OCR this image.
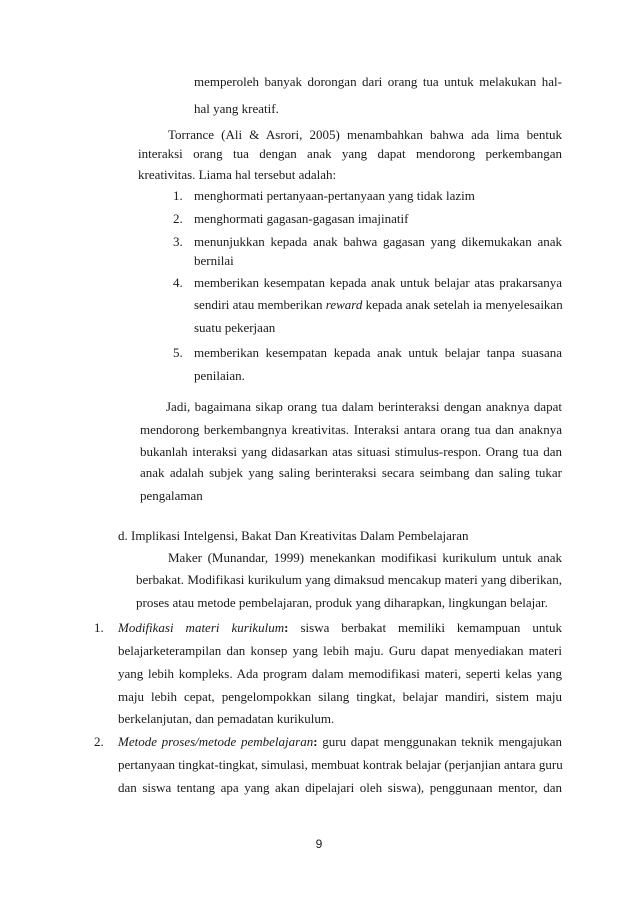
memperoleh banyak dorongan dari orang tua untuk melakukan hal-
hal yang kreatif.
Torrance (Ali & Asrori, 2005) menambahkan bahwa ada lima bentuk
interaksi orang tua dengan anak yang dapat mendorong perkembangan
kreativitas. Liama hal tersebut adalah:
1. menghormati pertanyaan-pertanyaan yang tidak lazim
2. menghormati gagasan-gagasan imajinatif
3. menunjukkan kepada anak bahwa gagasan yang dikemukakan anak
bernilai
4. memberikan kesempatan kepada anak untuk belajar atas prakarsanya
sendiri atau memberikan reward kepada anak setelah ia menyelesaikan
suatu pekerjaan
5. memberikan kesempatan kepada anak untuk belajar tanpa suasana
penilaian.
Jadi, bagaimana sikap orang tua dalam berinteraksi dengan anaknya dapat
mendorong berkembangnya kreativitas. Interaksi antara orang tua dan anaknya
bukanlah interaksi yang didasarkan atas situasi stimulus-respon. Orang tua dan
anak adalah subjek yang saling berinteraksi secara seimbang dan saling tukar
pengalaman
d. Implikasi Intelgensi, Bakat Dan Kreativitas Dalam Pembelajaran
Maker (Munandar, 1999) menekankan modifikasi kurikulum untuk anak
berbakat. Modifikasi kurikulum yang dimaksud mencakup materi yang diberikan,
proses atau metode pembelajaran, produk yang diharapkan, lingkungan belajar.
1. Modifikasi materi kurikulum: siswa berbakat memiliki kemampuan untuk
belajarketerampilan dan konsep yang lebih maju. Guru dapat menyediakan materi
yang lebih kompleks. Ada program dalam memodifikasi materi, seperti kelas yang
maju lebih cepat, pengelompokkan silang tingkat, belajar mandiri, sistem maju
berkelanjutan, dan pemadatan kurikulum.
2. Metode proses/metode pembelajaran: guru dapat menggunakan teknik mengajukan
pertanyaan tingkat-tingkat, simulasi, membuat kontrak belajar (perjanjian antara guru
dan siswa tentang apa yang akan dipelajari oleh siswa), penggunaan mentor, dan
9
